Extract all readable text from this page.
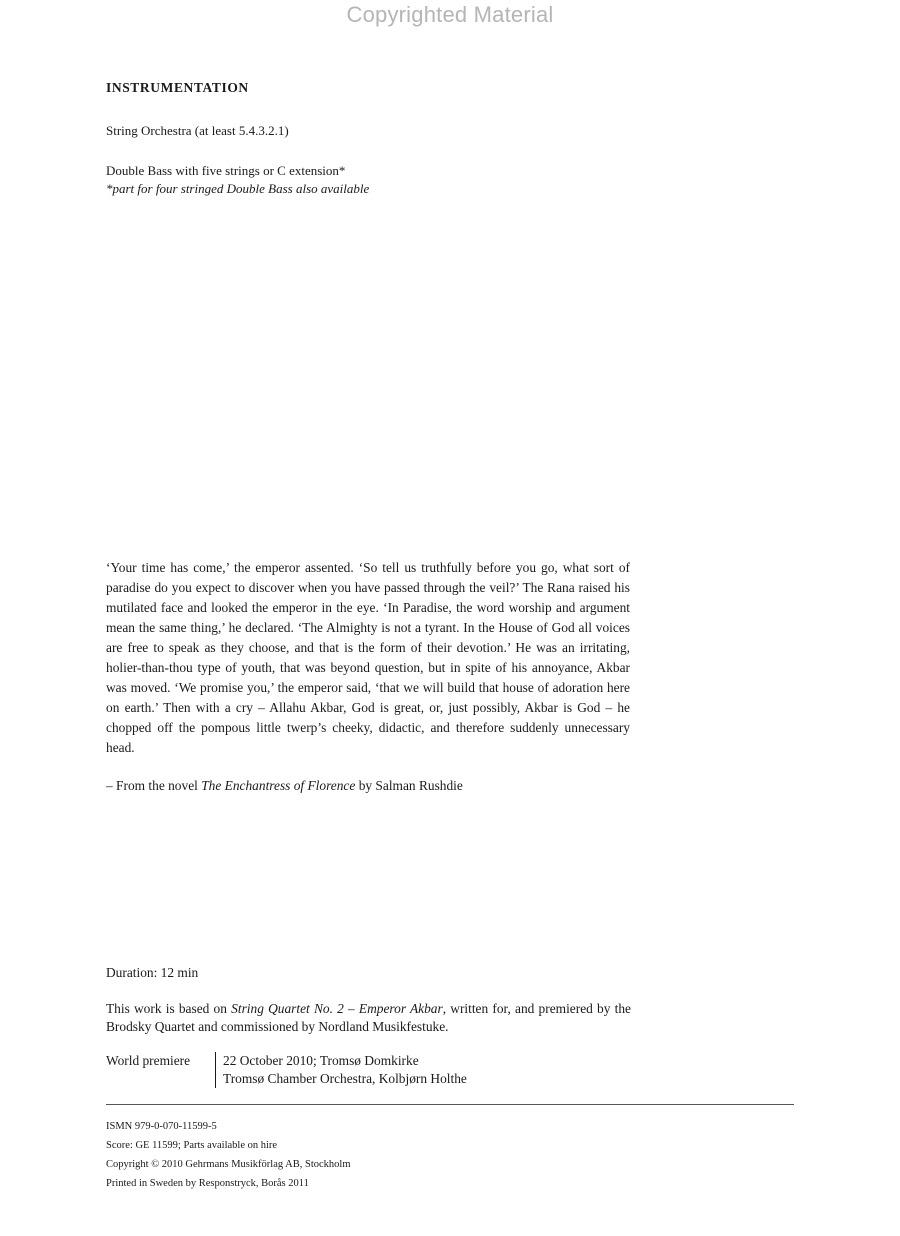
Copyrighted Material
INSTRUMENTATION
String Orchestra (at least 5.4.3.2.1)
Double Bass with five strings or C extension*
*part for four stringed Double Bass also available

‘Your time has come,’ the emperor assented. ‘So tell us truthfully before you go, what sort of paradise do you expect to discover when you have passed through the veil?’ The Rana raised his mutilated face and looked the emperor in the eye. ‘In Paradise, the word worship and argument mean the same thing,’ he declared. ‘The Almighty is not a tyrant. In the House of God all voices are free to speak as they choose, and that is the form of their devotion.’ He was an irritating, holier-than-thou type of youth, that was beyond question, but in spite of his annoyance, Akbar was moved. ‘We promise you,’ the emperor said, ‘that we will build that house of adoration here on earth.’ Then with a cry – Allahu Akbar, God is great, or, just possibly, Akbar is God – he chopped off the pompous little twerp’s cheeky, didactic, and therefore suddenly unnecessary head.

– From the novel The Enchantress of Florence by Salman Rushdie
Duration: 12 min
This work is based on String Quartet No. 2 – Emperor Akbar, written for, and premiered by the Brodsky Quartet and commissioned by Nordland Musikfestuke.
World premiere	22 October 2010; Tromsø Domkirke
Tromsø Chamber Orchestra, Kolbjørn Holthe
ISMN 979-0-070-11599-5
Score: GE 11599; Parts available on hire
Copyright © 2010 Gehrmans Musikförlag AB, Stockholm
Printed in Sweden by Responstryck, Borås 2011
